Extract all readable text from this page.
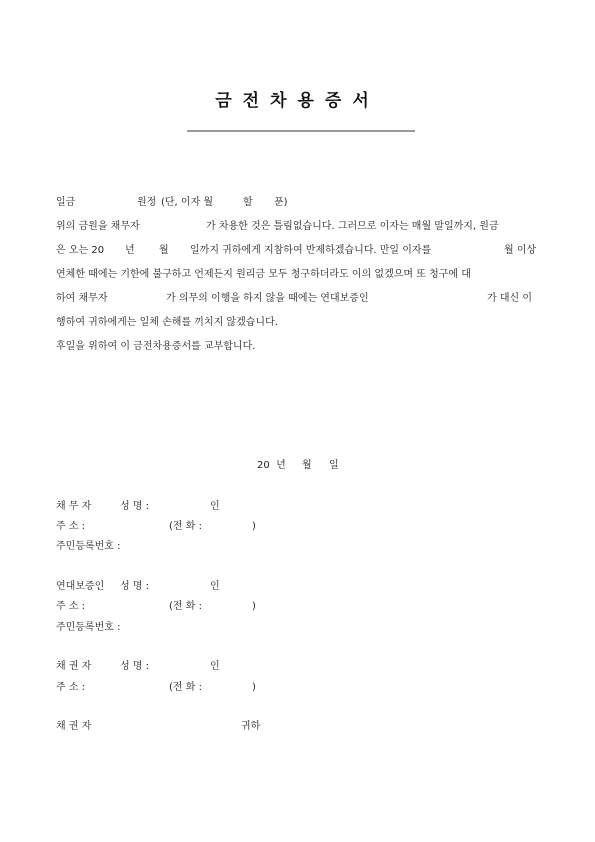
금전차용증서
일금	원정 (단, 이자 월	할 푼)
위의 금원을 채무자	가 차용한 것은 틀림없습니다. 그러므로 이자는 매월 말일까지, 원금
은 오는 20 년 월 일까지 귀하에게 지참하여 반제하겠습니다. 만일 이자를	월 이상
연체한 때에는 기한에 불구하고 언제든지 원리금 모두 청구하더라도 이의 없겠으며 또 청구에 대
하여 채무자	가 의무의 이행을 하지 않을 때에는 연대보증인	가 대신 이
행하여 귀하에게는 일체 손해를 끼치지 않겠습니다.
후일을 위하여 이 금전차용증서를 교부합니다.
20  년 월 일
채 무 자	성 명 :	인
주 소 :	(전 화 :	)
주민등록번호 :
연대보증인 성 명 :	인
주 소 :	(전 화 :	)
주민등록번호 :
채 권 자	성 명 :	인
주 소 :	(전 화 :	)
채 권 자	귀하
